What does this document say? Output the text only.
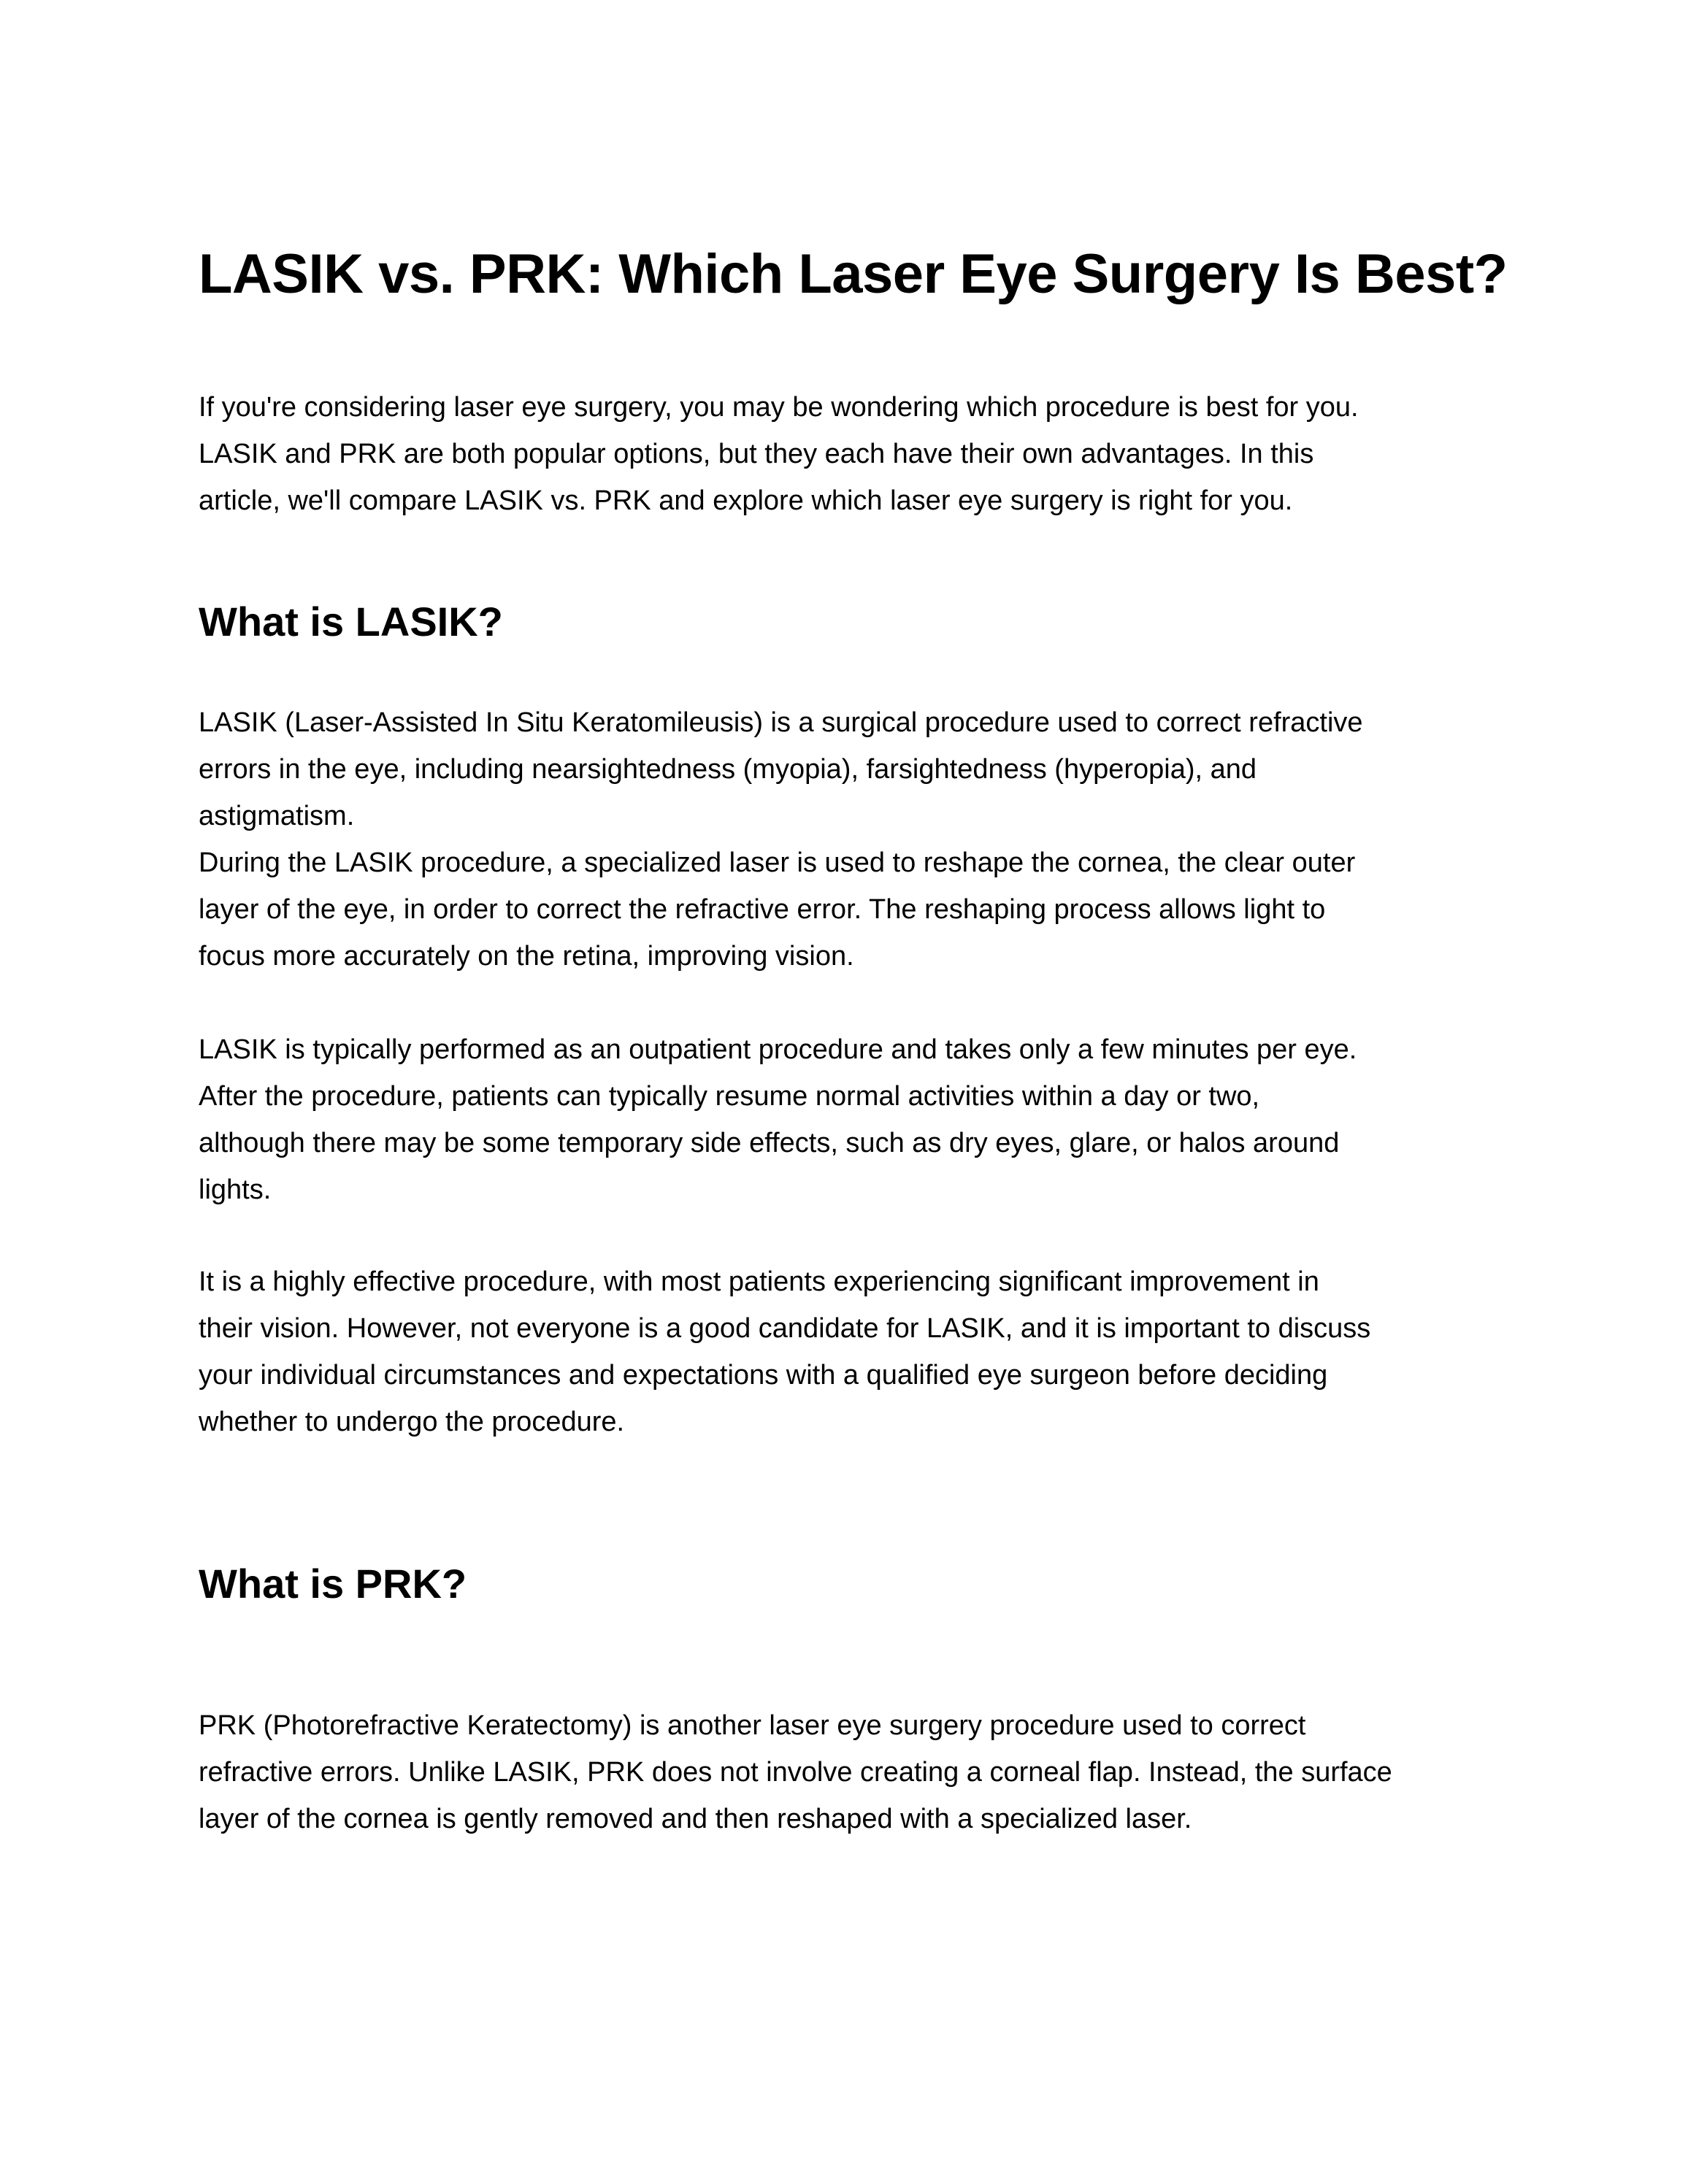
LASIK vs. PRK: Which Laser Eye Surgery Is Best?

If you're considering laser eye surgery, you may be wondering which procedure is best for you.
LASIK and PRK are both popular options, but they each have their own advantages. In this
article, we'll compare LASIK vs. PRK and explore which laser eye surgery is right for you.

What is LASIK?

LASIK (Laser-Assisted In Situ Keratomileusis) is a surgical procedure used to correct refractive
errors in the eye, including nearsightedness (myopia), farsightedness (hyperopia), and
astigmatism.
During the LASIK procedure, a specialized laser is used to reshape the cornea, the clear outer
layer of the eye, in order to correct the refractive error. The reshaping process allows light to
focus more accurately on the retina, improving vision.

LASIK is typically performed as an outpatient procedure and takes only a few minutes per eye.
After the procedure, patients can typically resume normal activities within a day or two,
although there may be some temporary side effects, such as dry eyes, glare, or halos around
lights.

It is a highly effective procedure, with most patients experiencing significant improvement in
their vision. However, not everyone is a good candidate for LASIK, and it is important to discuss
your individual circumstances and expectations with a qualified eye surgeon before deciding
whether to undergo the procedure.

What is PRK?

PRK (Photorefractive Keratectomy) is another laser eye surgery procedure used to correct
refractive errors. Unlike LASIK, PRK does not involve creating a corneal flap. Instead, the surface
layer of the cornea is gently removed and then reshaped with a specialized laser.
